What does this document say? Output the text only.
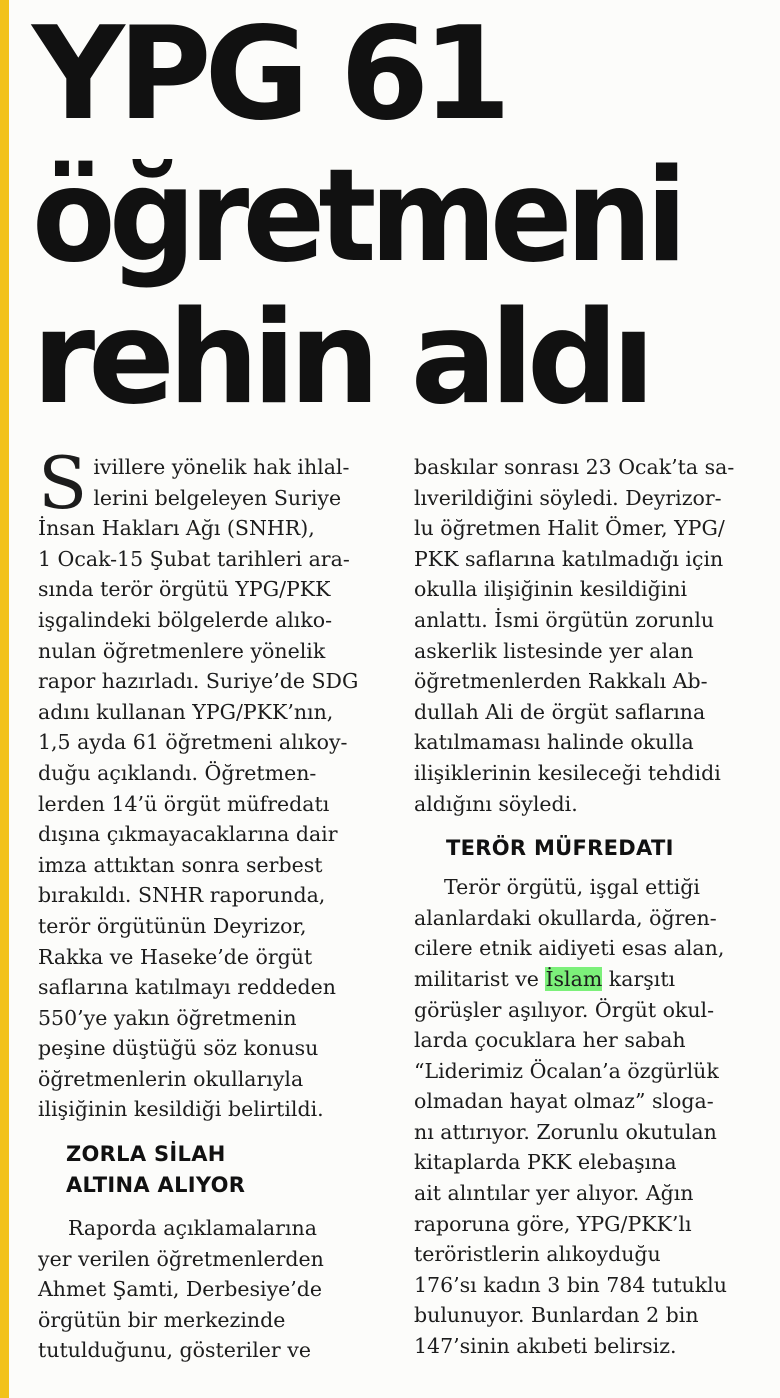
YPG 61
öğretmeni
rehin aldı

S ivillere yönelik hak ihlal-
lerini belgeleyen Suriye

İnsan Hakları Ağı (SNHR),
1 Ocak-15 Şubat tarihleri ara-
sında terör örgütü YPG/PKK
işgalindeki bölgelerde alıko-
nulan öğretmenlere yönelik
rapor hazırladı. Suriye’de SDG
adını kullanan YPG/PKK’nın,
1,5 ayda 61 öğretmeni alıkoy-
duğu açıklandı. Öğretmen-
lerden 14’ü örgüt müfredatı
dışına çıkmayacaklarına dair
imza attıktan sonra serbest
bırakıldı. SNHR raporunda,
terör örgütünün Deyrizor,
Rakka ve Haseke’de örgüt
saflarına katılmayı reddeden
550’ye yakın öğretmenin
peşine düştüğü söz konusu
öğretmenlerin okullarıyla
ilişiğinin kesildiği belirtildi.

ZORLA SİLAH
ALTINA ALIYOR

Raporda açıklamalarına

yer verilen öğretmenlerden
Ahmet Şamti, Derbesiye’de
örgütün bir merkezinde
tutulduğunu, gösteriler ve

baskılar sonrası 23 Ocak’ta sa-
lıverildiğini söyledi. Deyrizor-
lu öğretmen Halit Ömer, YPG/
PKK saflarına katılmadığı için
okulla ilişiğinin kesildiğini
anlattı. İsmi örgütün zorunlu
askerlik listesinde yer alan
öğretmenlerden Rakkalı Ab-
dullah Ali de örgüt saflarına
katılmaması halinde okulla
ilişiklerinin kesileceği tehdidi
aldığını söyledi.

TERÖR MÜFREDATI

Terör örgütü, işgal ettiği

alanlardaki okullarda, öğren-
cilere etnik aidiyeti esas alan,
militarist ve İslam karşıtı
görüşler aşılıyor. Örgüt okul-
larda çocuklara her sabah
“Liderimiz Öcalan’a özgürlük
olmadan hayat olmaz” sloga-
nı attırıyor. Zorunlu okutulan
kitaplarda PKK elebaşına
ait alıntılar yer alıyor. Ağın
raporuna göre, YPG/PKK’lı
teröristlerin alıkoyduğu
176’sı kadın 3 bin 784 tutuklu
bulunuyor. Bunlardan 2 bin
147’sinin akıbeti belirsiz.
